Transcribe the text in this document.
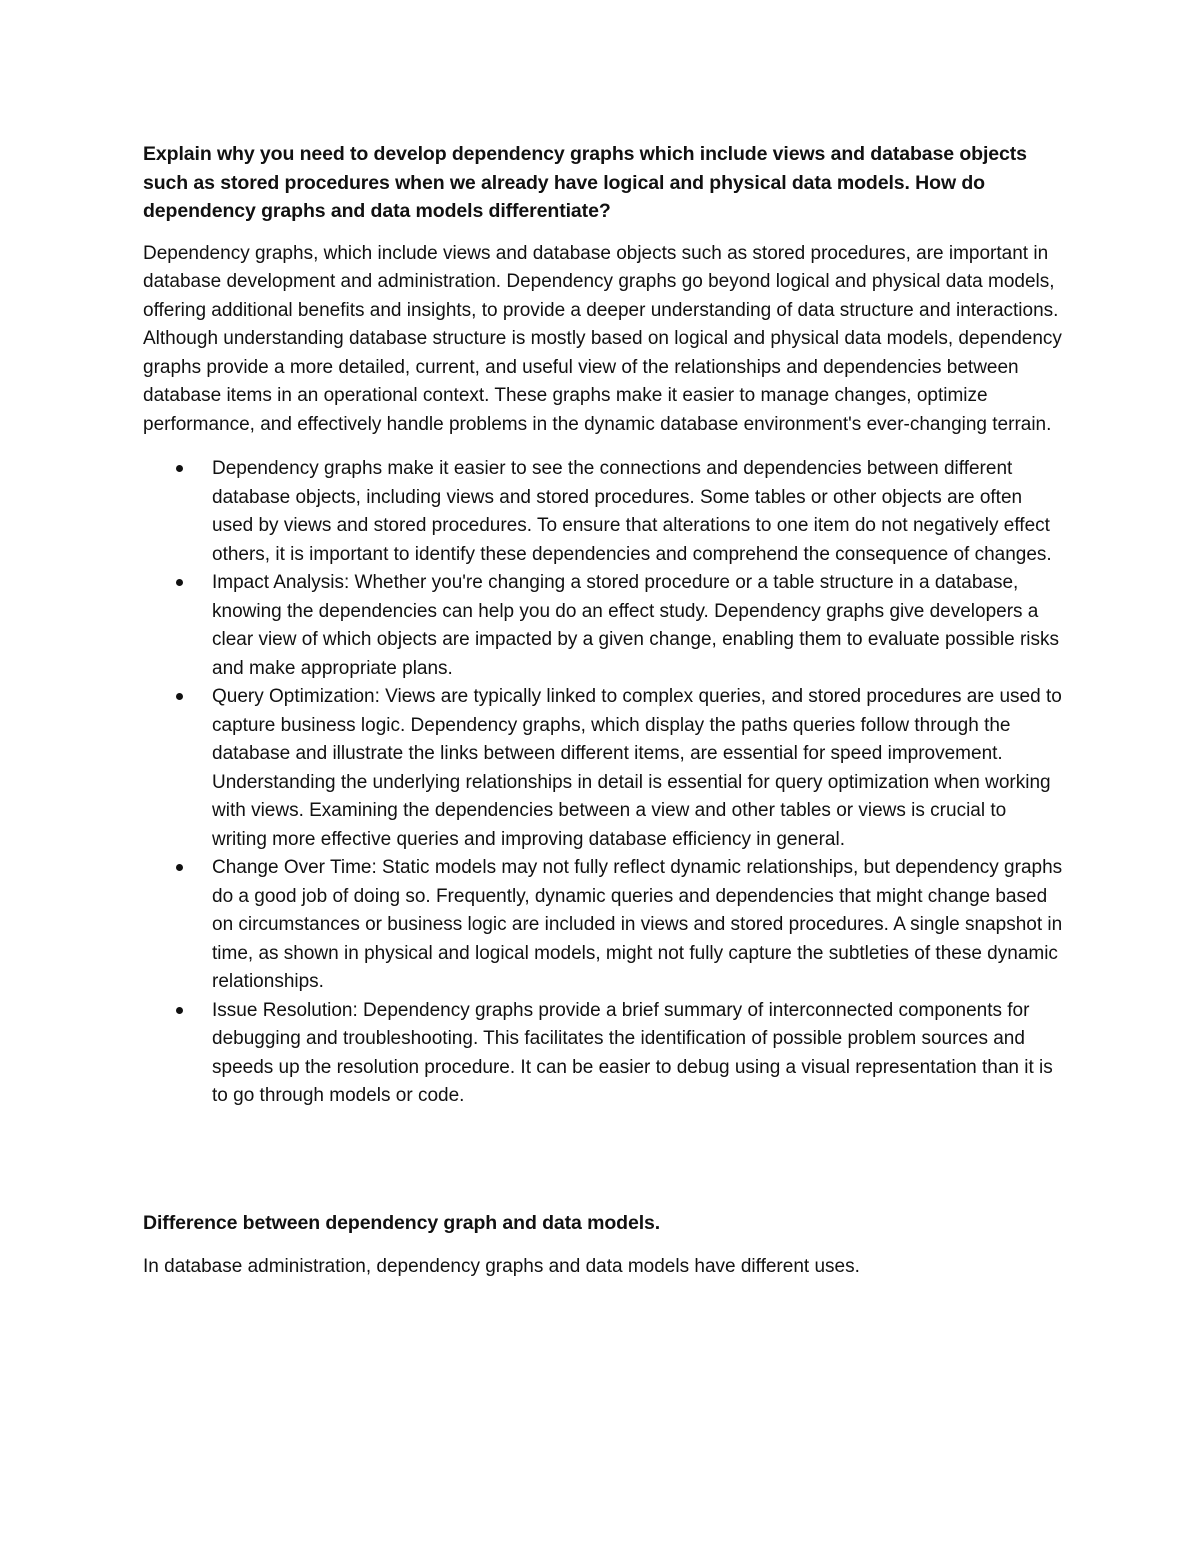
Explain why you need to develop dependency graphs which include views and database objects such as stored procedures when we already have logical and physical data models. How do dependency graphs and data models differentiate?

Dependency graphs, which include views and database objects such as stored procedures, are important in database development and administration. Dependency graphs go beyond logical and physical data models, offering additional benefits and insights, to provide a deeper understanding of data structure and interactions. Although understanding database structure is mostly based on logical and physical data models, dependency graphs provide a more detailed, current, and useful view of the relationships and dependencies between database items in an operational context. These graphs make it easier to manage changes, optimize performance, and effectively handle problems in the dynamic database environment's ever-changing terrain.

Dependency graphs make it easier to see the connections and dependencies between different database objects, including views and stored procedures. Some tables or other objects are often used by views and stored procedures. To ensure that alterations to one item do not negatively effect others, it is important to identify these dependencies and comprehend the consequence of changes.
Impact Analysis: Whether you're changing a stored procedure or a table structure in a database, knowing the dependencies can help you do an effect study. Dependency graphs give developers a clear view of which objects are impacted by a given change, enabling them to evaluate possible risks and make appropriate plans.
Query Optimization: Views are typically linked to complex queries, and stored procedures are used to capture business logic. Dependency graphs, which display the paths queries follow through the database and illustrate the links between different items, are essential for speed improvement. Understanding the underlying relationships in detail is essential for query optimization when working with views. Examining the dependencies between a view and other tables or views is crucial to writing more effective queries and improving database efficiency in general.
Change Over Time: Static models may not fully reflect dynamic relationships, but dependency graphs do a good job of doing so. Frequently, dynamic queries and dependencies that might change based on circumstances or business logic are included in views and stored procedures. A single snapshot in time, as shown in physical and logical models, might not fully capture the subtleties of these dynamic relationships.
Issue Resolution: Dependency graphs provide a brief summary of interconnected components for debugging and troubleshooting. This facilitates the identification of possible problem sources and speeds up the resolution procedure. It can be easier to debug using a visual representation than it is to go through models or code.

Difference between dependency graph and data models.

In database administration, dependency graphs and data models have different uses.
